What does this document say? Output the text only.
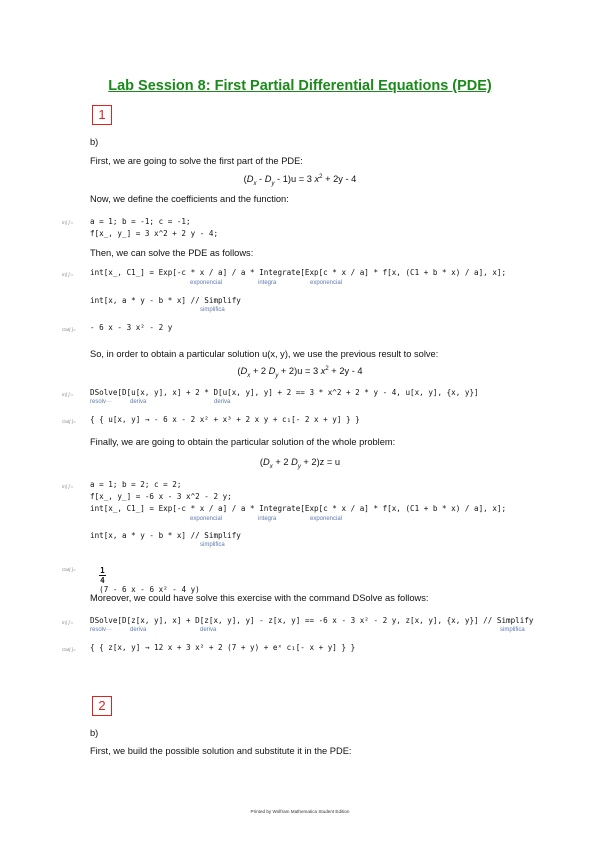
Lab Session 8: First Partial Differential Equations (PDE)
1
b)
First, we are going to solve the first part of the PDE:
$(D_x - D_y - 1)u = 3$ $x^2 + 2y - 4$
Now, we define the coefficients and the function:
In[ ]:= a = 1; b = -1; c = -1;
f[x_, y_] = 3 x^2 + 2 y - 4;
Then, we can solve the PDE as follows:
In[ ]:= int[x_, C1_] = Exp[-c * x / a] / a * Integrate[Exp[c * x / a] * f[x, (C1 + b * x) / a], x];
exponencial	integra	exponencial
int[x, a * y - b * x] // Simplify
simplifica
Out[ ]= - 6 x - 3 x² - 2 y
So, in order to obtain a particular solution u(x, y), we use the previous result to solve:
($D_x + 2$ $D_y + 2)u = 3$ $x^2 + 2y - 4$
In[ ]:= DSolve[D[u[x, y], x] + 2 * D[u[x, y], y] + 2 == 3 * x^2 + 2 * y - 4, u[x, y], {x, y}]
resolv···	deriva	deriva
Out[ ]= { { u[x, y] → - 6 x - 2 x² + x³ + 2 x y + c₁[- 2 x + y] } }
Finally, we are going to obtain the particular solution of the whole problem:
($D_x + 2$ $D_y + 2)z = u$
In[ ]:= a = 1; b = 2; c = 2;
f[x_, y_] = -6 x - 3 x^2 - 2 y;
int[x_, C1_] = Exp[-c * x / a] / a * Integrate[Exp[c * x / a] * f[x, (C1 + b * x) / a], x];
exponencial	integra	exponencial
int[x, a * y - b * x] // Simplify
simplifica
Out[ ]=

	$\frac{1}{4}$

(7 - 6 x - 6 x² - 4 y)

Moreover, we could have solve this exercise with the command DSolve as follows:
In[ ]:= DSolve[D[z[x, y], x] + D[z[x, y], y] - z[x, y] == -6 x - 3 x² - 2 y, z[x, y], {x, y}] // Simplify
resolv···	deriva	deriva	simplifica
Out[ ]= { { z[x, y] → 12 x + 3 x² + 2 (7 + y) + eˣ c₁[- x + y] } }
2
b)
First, we build the possible solution and substitute it in the PDE:
Printed by Wolfram Mathematica Student Edition
